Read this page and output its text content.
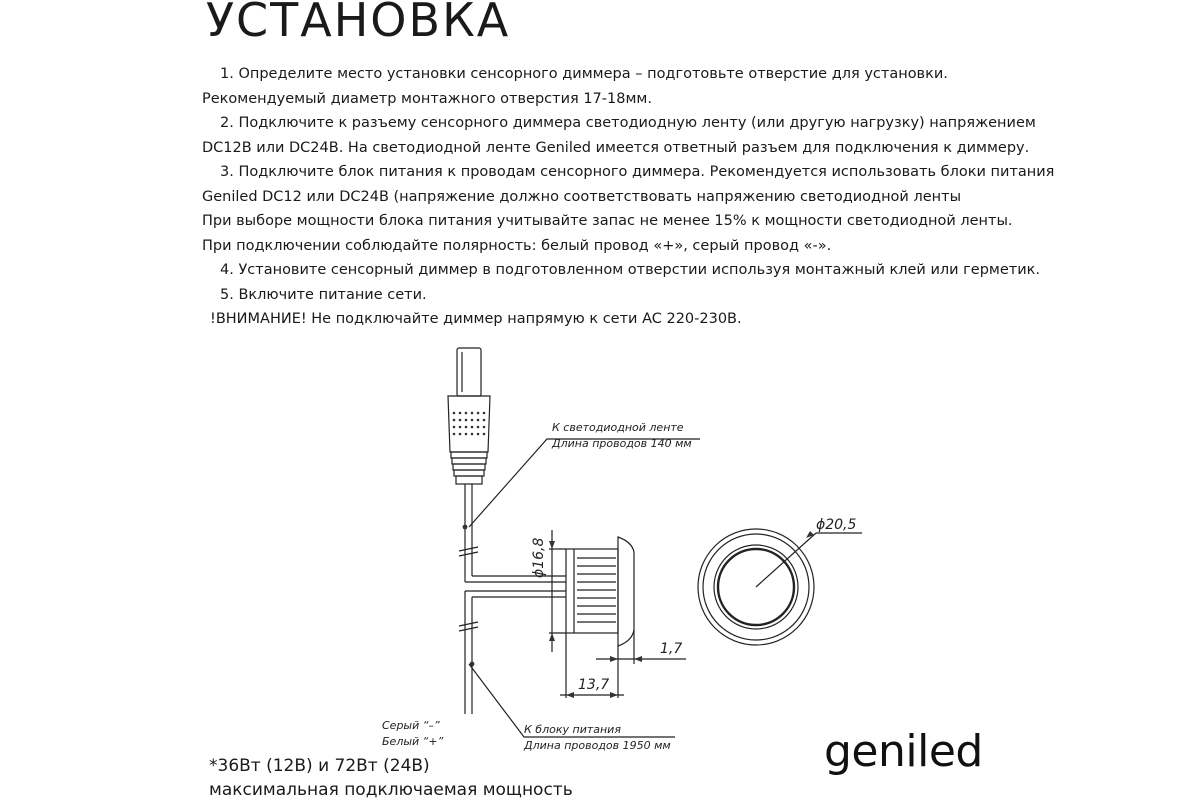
УСТАНОВКА
1. Определите место установки сенсорного диммера – подготовьте отверстие для установки.
Рекомендуемый диаметр монтажного отверстия 17-18мм.
2. Подключите к разъему сенсорного диммера светодиодную ленту (или другую нагрузку) напряжением
DC12В или DC24В. На светодиодной ленте Geniled имеется ответный разъем для подключения к диммеру.
3. Подключите блок питания к проводам сенсорного диммера. Рекомендуется использовать блоки питания
Geniled DC12 или DC24В (напряжение должно соответствовать напряжению светодиодной ленты
При выборе мощности блока питания учитывайте запас не менее 15% к мощности светодиодной ленты.
При подключении соблюдайте полярность: белый провод «+», серый провод «-».
4. Установите сенсорный диммер в подготовленном отверстии используя монтажный клей или герметик.
5. Включите питание сети.
!ВНИМАНИЕ! Не подключайте диммер напрямую к сети AC 220-230В.
К светодиодной ленте
Длина проводов 140 мм
К блоку питания
Длина проводов 1950 мм
Серый “–”
Белый “+”
ϕ16,8
ϕ20,5
1,7
13,7
*36Вт (12В) и 72Вт (24В)
максимальная подключаемая мощность
geniled
